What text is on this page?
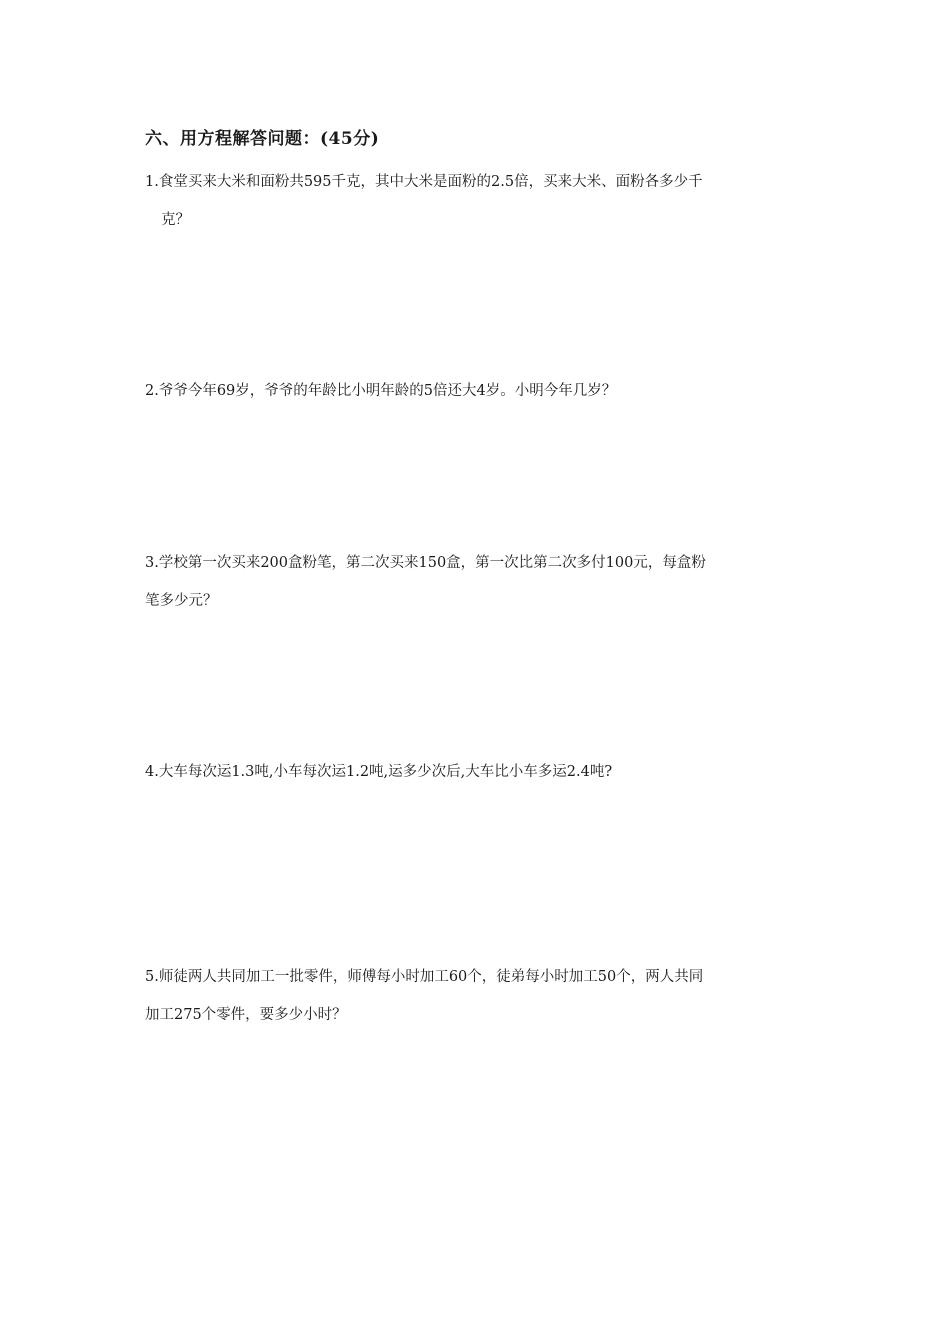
六、用方程解答问题：(45分)
1.食堂买来大米和面粉共595千克，其中大米是面粉的2.5倍，买来大米、面粉各多少千
克？
2.爷爷今年69岁，爷爷的年龄比小明年龄的5倍还大4岁。小明今年几岁？
3.学校第一次买来200盒粉笔，第二次买来150盒，第一次比第二次多付100元，每盒粉
笔多少元？
4.大车每次运1.3吨,小车每次运1.2吨,运多少次后,大车比小车多运2.4吨?
5.师徒两人共同加工一批零件，师傅每小时加工60个，徒弟每小时加工50个，两人共同
加工275个零件，要多少小时？
